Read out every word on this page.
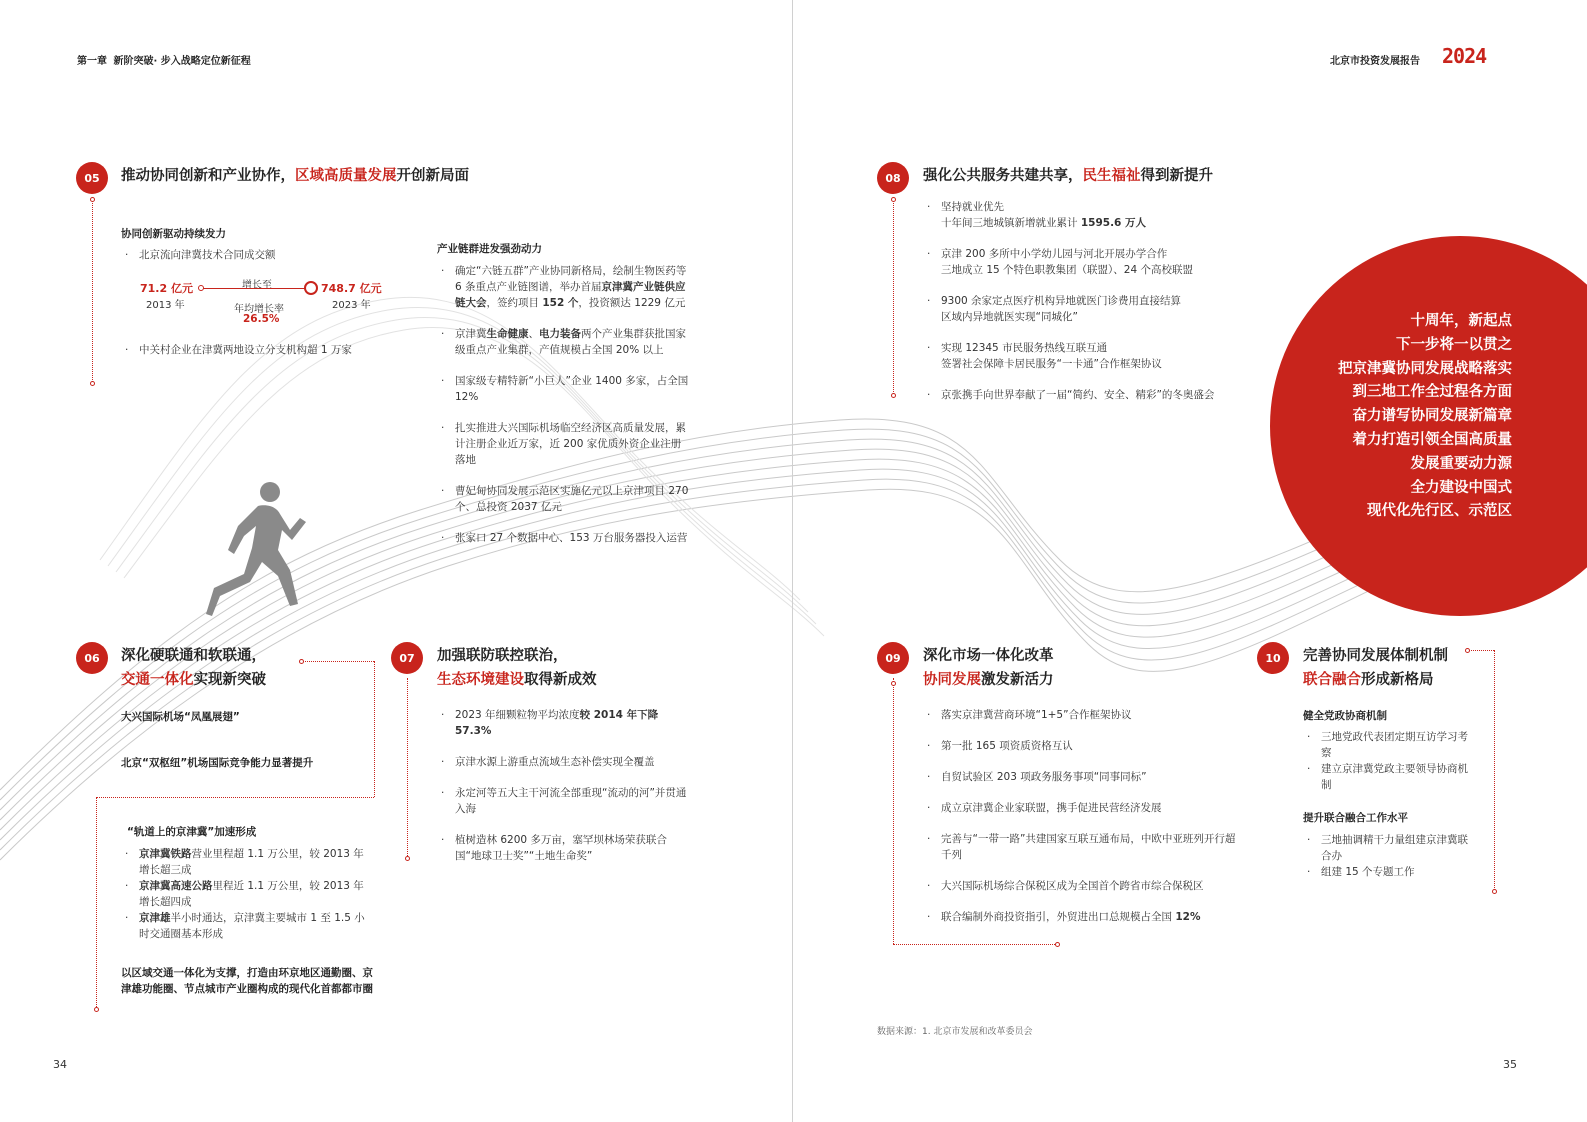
第一章 新阶突破· 步入战略定位新征程	北京市投资发展报告 2024
05	推动协同创新和产业协作，区域高质量发展开创新局面
协同创新驱动持续发力
· 北京流向津冀技术合同成交额
71.2 亿元
2013 年
增长至
年均增长率
26.5%
748.7 亿元
2023 年
· 中关村企业在津冀两地设立分支机构超 1 万家
产业链群进发强劲动力
· 确定“六链五群”产业协同新格局，绘制生物医药等 6 条重点产业链图谱，举办首届京津冀产业链供应链大会，签约项目 152 个，投资额达 1229 亿元
· 京津冀生命健康、电力装备两个产业集群获批国家级重点产业集群，产值规模占全国 20% 以上
· 国家级专精特新“小巨人”企业 1400 多家，占全国 12%
· 扎实推进大兴国际机场临空经济区高质量发展，累计注册企业近万家，近 200 家优质外资企业注册落地
· 曹妃甸协同发展示范区实施亿元以上京津项目 270 个、总投资 2037 亿元
· 张家口 27 个数据中心、153 万台服务器投入运营
06	深化硬联通和软联通，
交通一体化实现新突破
大兴国际机场“凤凰展翅”
北京“双枢纽”机场国际竞争能力显著提升
“轨道上的京津冀”加速形成
· 京津冀铁路营业里程超 1.1 万公里，较 2013 年增长超三成
· 京津冀高速公路里程近 1.1 万公里，较 2013 年增长超四成
· 京津雄半小时通达，京津冀主要城市 1 至 1.5 小时交通圈基本形成
以区域交通一体化为支撑，打造由环京地区通勤圈、京津雄功能圈、节点城市产业圈构成的现代化首都都市圈
07	加强联防联控联治，
生态环境建设取得新成效
· 2023 年细颗粒物平均浓度较 2014 年下降 57.3%
· 京津水源上游重点流域生态补偿实现全覆盖
· 永定河等五大主干河流全部重现“流动的河”并贯通入海
· 植树造林 6200 多万亩，塞罕坝林场荣获联合国“地球卫士奖”“土地生命奖”
34
08	强化公共服务共建共享，民生福祉得到新提升
· 坚持就业优先
十年间三地城镇新增就业累计 1595.6 万人
· 京津 200 多所中小学幼儿园与河北开展办学合作
三地成立 15 个特色职教集团（联盟）、24 个高校联盟
· 9300 余家定点医疗机构异地就医门诊费用直接结算
区域内异地就医实现“同城化”
· 实现 12345 市民服务热线互联互通
签署社会保障卡居民服务“一卡通”合作框架协议
· 京张携手向世界奉献了一届“简约、安全、精彩”的冬奥盛会
十周年，新起点
下一步将一以贯之
把京津冀协同发展战略落实
到三地工作全过程各方面
奋力谱写协同发展新篇章
着力打造引领全国高质量
发展重要动力源
全力建设中国式
现代化先行区、示范区
09	深化市场一体化改革
协同发展激发新活力
· 落实京津冀营商环境“1+5”合作框架协议
· 第一批 165 项资质资格互认
· 自贸试验区 203 项政务服务事项“同事同标”
· 成立京津冀企业家联盟，携手促进民营经济发展
· 完善与“一带一路”共建国家互联互通布局，中欧中亚班列开行超千列
· 大兴国际机场综合保税区成为全国首个跨省市综合保税区
· 联合编制外商投资指引，外贸进出口总规模占全国 12%
10	完善协同发展体制机制
联合融合形成新格局
健全党政协商机制
· 三地党政代表团定期互访学习考察
· 建立京津冀党政主要领导协商机制
提升联合融合工作水平
· 三地抽调精干力量组建京津冀联合办
· 组建 15 个专题工作
数据来源：1. 北京市发展和改革委员会
35
